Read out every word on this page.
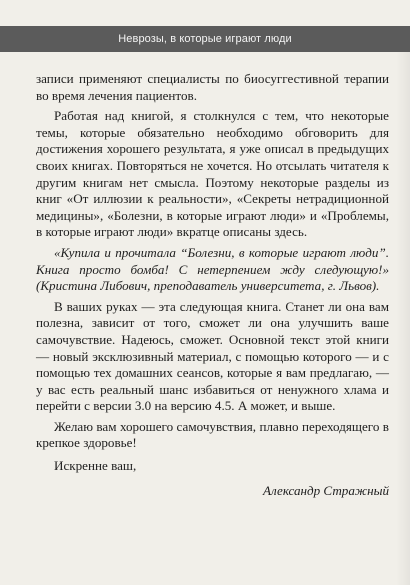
Неврозы, в которые играют люди

записи применяют специалисты по биосуггестивной терапии во время лечения пациентов.

Работая над книгой, я столкнулся с тем, что некоторые темы, которые обязательно необходимо обговорить для достижения хорошего результата, я уже описал в предыдущих своих книгах. Повторяться не хочется. Но отсылать читателя к другим книгам нет смысла. Поэтому некоторые разделы из книг «От иллюзии к реальности», «Секреты нетрадиционной медицины», «Болезни, в которые играют люди» и «Проблемы, в которые играют люди» вкратце описаны здесь.

«Купила и прочитала “Болезни, в которые играют люди”. Книга просто бомба! С нетерпением жду следующую!» (Кристина Либович, преподаватель университета, г. Львов).

В ваших руках — эта следующая книга. Станет ли она вам полезна, зависит от того, сможет ли она улучшить ваше самочувствие. Надеюсь, сможет. Основной текст этой книги — новый эксклюзивный материал, с помощью которого — и с помощью тех домашних сеансов, которые я вам предлагаю, — у вас есть реальный шанс избавиться от ненужного хлама и перейти с версии 3.0 на версию 4.5. А может, и выше.

Желаю вам хорошего самочувствия, плавно переходящего в крепкое здоровье!

Искренне ваш,

Александр Стражный
